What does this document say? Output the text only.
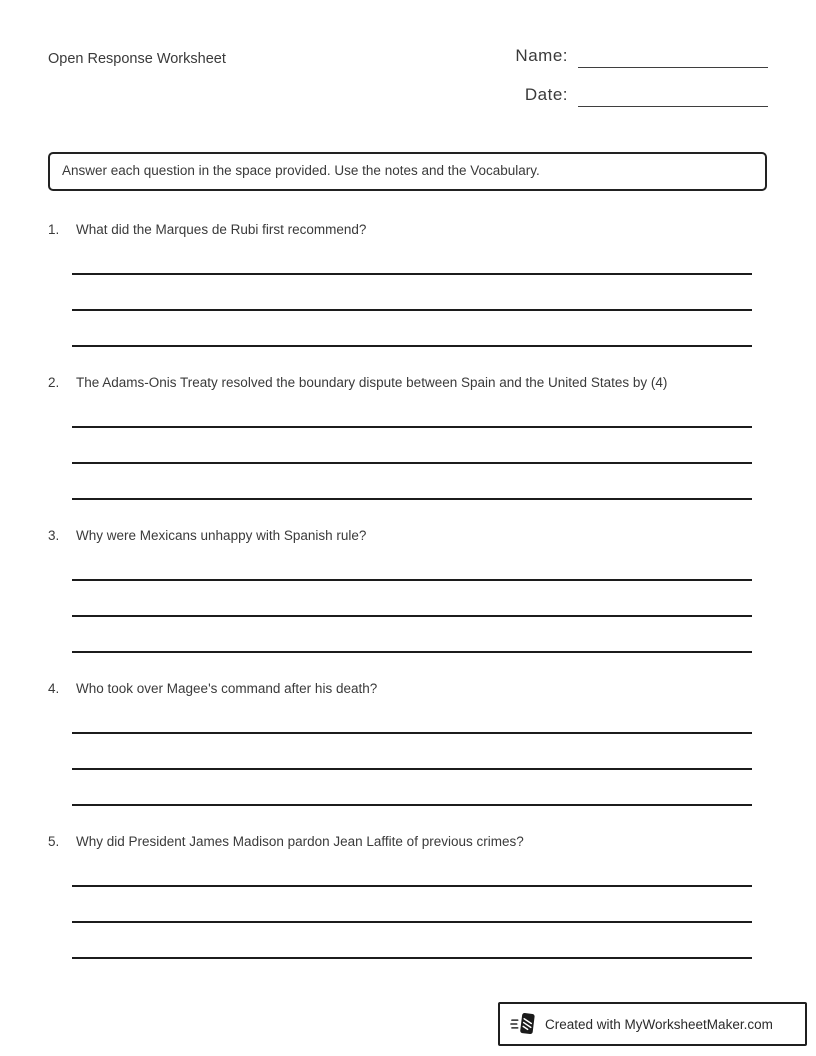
Open Response Worksheet	Name:
Date:
Answer each question in the space provided. Use the notes and the Vocabulary.
1.	What did the Marques de Rubi first recommend?
2.	The Adams-Onis Treaty resolved the boundary dispute between Spain and the United States by (4)
3.	Why were Mexicans unhappy with Spanish rule?
4.	Who took over Magee's command after his death?
5.	Why did President James Madison pardon Jean Laffite of previous crimes?
Created with MyWorksheetMaker.com
